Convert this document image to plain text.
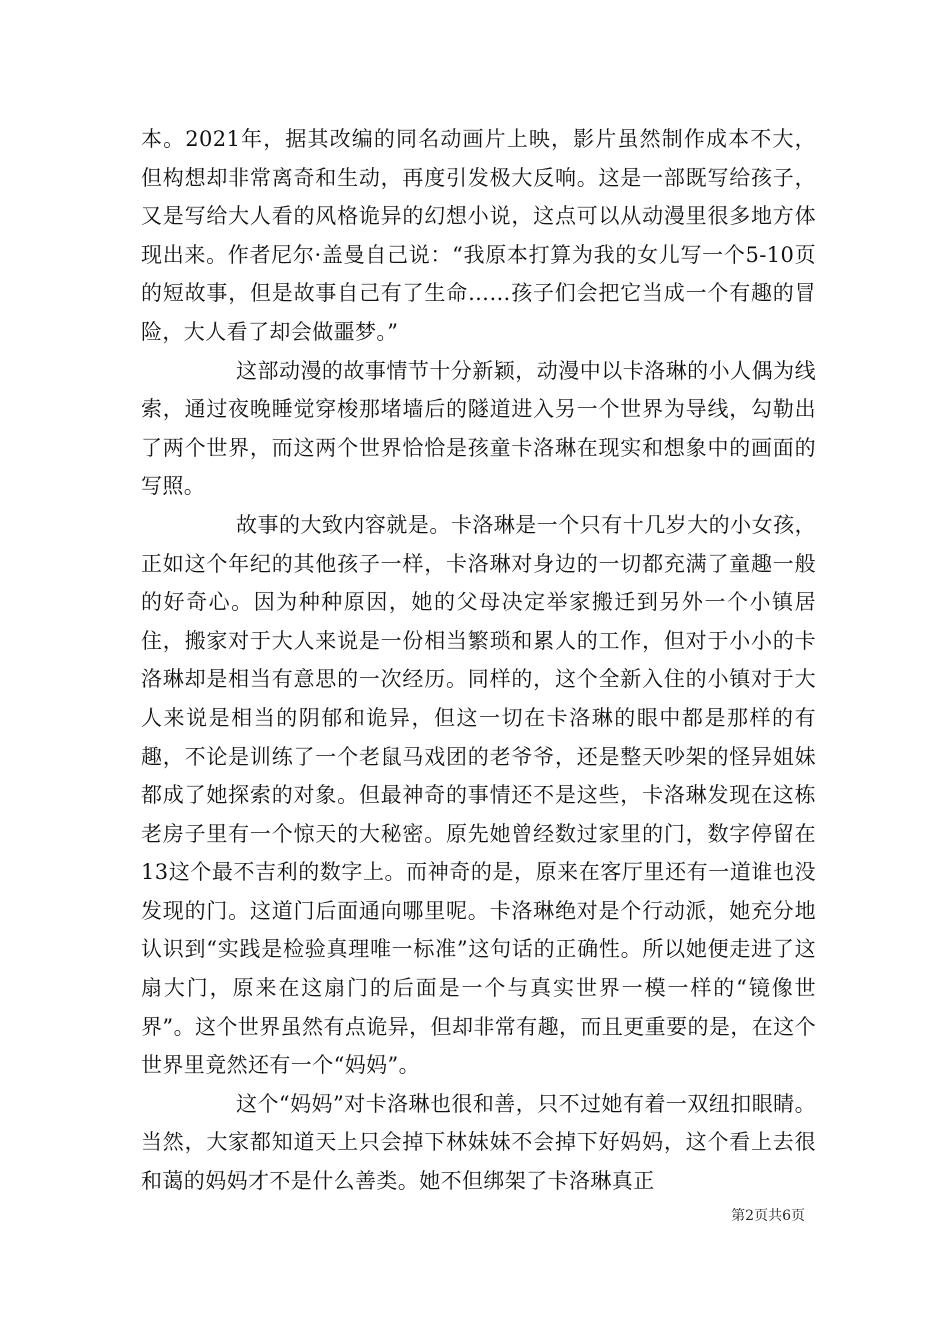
本。2021年，据其改编的同名动画片上映，影片虽然制作成本不大，但构想却非常离奇和生动，再度引发极大反响。这是一部既写给孩子，又是写给大人看的风格诡异的幻想小说，这点可以从动漫里很多地方体现出来。作者尼尔·盖曼自己说：“我原本打算为我的女儿写一个5-10页的短故事，但是故事自己有了生命……孩子们会把它当成一个有趣的冒险，大人看了却会做噩梦。”

这部动漫的故事情节十分新颖，动漫中以卡洛琳的小人偶为线索，通过夜晚睡觉穿梭那堵墙后的隧道进入另一个世界为导线，勾勒出了两个世界，而这两个世界恰恰是孩童卡洛琳在现实和想象中的画面的写照。

故事的大致内容就是。卡洛琳是一个只有十几岁大的小女孩，正如这个年纪的其他孩子一样，卡洛琳对身边的一切都充满了童趣一般的好奇心。因为种种原因，她的父母决定举家搬迁到另外一个小镇居住，搬家对于大人来说是一份相当繁琐和累人的工作，但对于小小的卡洛琳却是相当有意思的一次经历。同样的，这个全新入住的小镇对于大人来说是相当的阴郁和诡异，但这一切在卡洛琳的眼中都是那样的有趣，不论是训练了一个老鼠马戏团的老爷爷，还是整天吵架的怪异姐妹都成了她探索的对象。但最神奇的事情还不是这些，卡洛琳发现在这栋老房子里有一个惊天的大秘密。原先她曾经数过家里的门，数字停留在13这个最不吉利的数字上。而神奇的是，原来在客厅里还有一道谁也没发现的门。这道门后面通向哪里呢。卡洛琳绝对是个行动派，她充分地认识到“实践是检验真理唯一标准”这句话的正确性。所以她便走进了这扇大门，原来在这扇门的后面是一个与真实世界一模一样的“镜像世界”。这个世界虽然有点诡异，但却非常有趣，而且更重要的是，在这个世界里竟然还有一个“妈妈”。

这个“妈妈”对卡洛琳也很和善，只不过她有着一双纽扣眼睛。当然，大家都知道天上只会掉下林妹妹不会掉下好妈妈，这个看上去很和蔼的妈妈才不是什么善类。她不但绑架了卡洛琳真正

第2页共6页
